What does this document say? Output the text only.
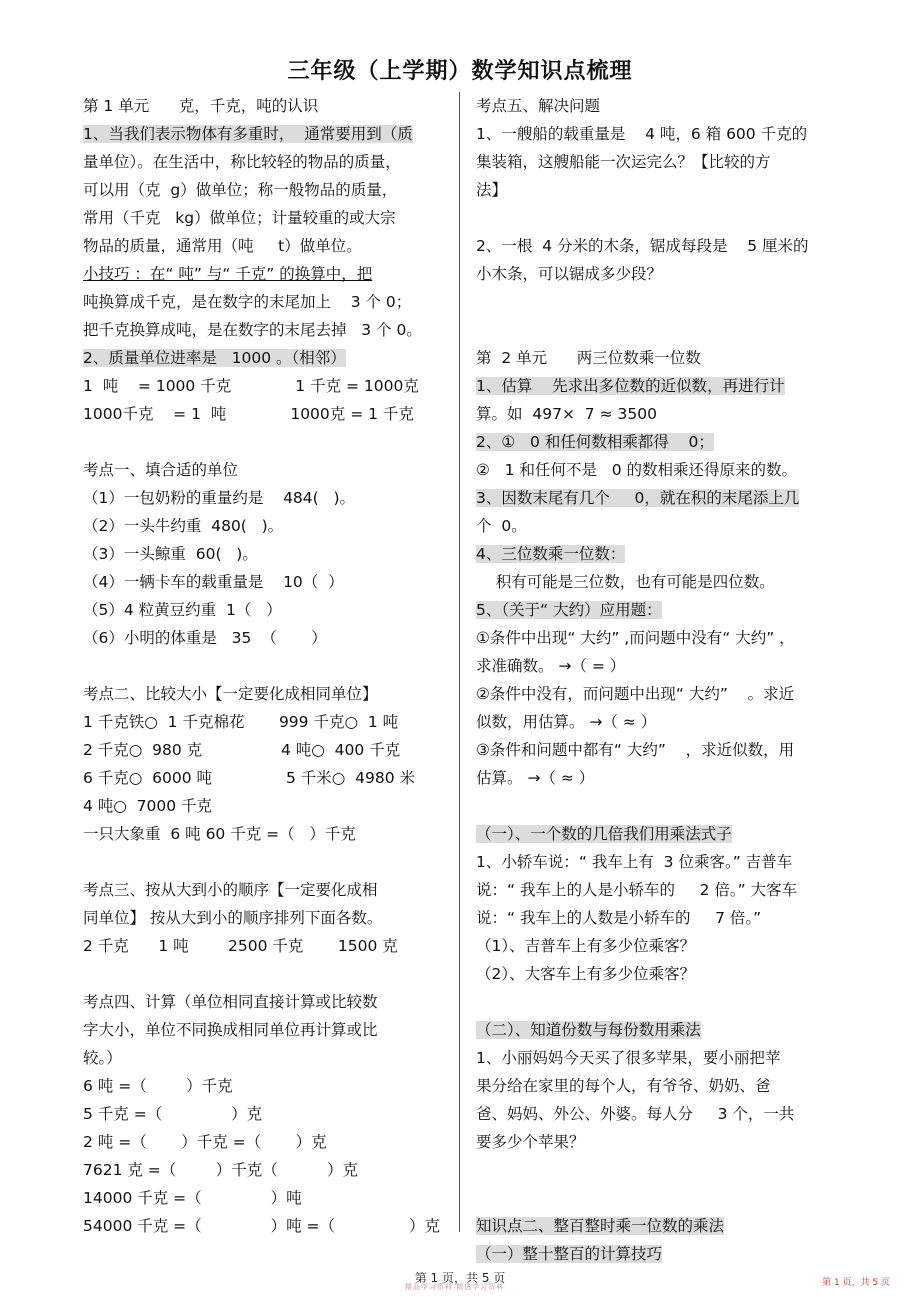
三年级（上学期）数学知识点梳理
第 1 单元      克，千克，吨的认识
1、当我们表示物体有多重时，  通常要用到（质
量单位）。在生活中，称比较轻的物品的质量，
可以用（克  g）做单位；称一般物品的质量，
常用（千克   kg）做单位；计量较重的或大宗
物品的质量，通常用（吨     t）做单位。
小技巧 ：在“ 吨” 与“ 千克” 的换算中，把
吨换算成千克，是在数字的末尾加上    3 个 0；
把千克换算成吨，是在数字的末尾去掉   3 个 0。
2、质量单位进率是   1000 。（相邻）
1  吨    = 1000 千克             1 千克 = 1000克
1000千克    = 1  吨             1000克 = 1 千克
考点一、填合适的单位
（1）一包奶粉的重量约是    484(   )。
（2）一头牛约重  480(   )。
（3）一头鲸重  60(   )。
（4）一辆卡车的载重量是    10（  ）
（5）4 粒黄豆约重  1（   ）
（6）小明的体重是   35  （       ）
考点二、比较大小【一定要化成相同单位】
1 千克铁○  1 千克棉花       999 千克○  1 吨
2 千克○  980 克                4 吨○  400 千克
6 千克○  6000 吨               5 千米○  4980 米
4 吨○  7000 千克
一只大象重  6 吨 60 千克 =（   ）千克
考点三、按从大到小的顺序【一定要化成相
同单位】 按从大到小的顺序排列下面各数。
2 千克      1 吨        2500 千克       1500 克
考点四、计算（单位相同直接计算或比较数
字大小，单位不同换成相同单位再计算或比
较。）
6 吨 =（        ）千克
5 千克 =（              ）克
2 吨 =（       ）千克 =（       ）克
7621 克 =（        ）千克（          ）克
14000 千克 =（              ）吨
54000 千克 =（              ）吨 =（               ）克
考点五、解决问题
1、一艘船的载重量是    4 吨，6 箱 600 千克的
集装箱，这艘船能一次运完么？【比较的方
法】
2、一根  4 分米的木条，锯成每段是    5 厘米的
小木条，可以锯成多少段？
第  2 单元      两三位数乘一位数
1、估算    先求出多位数的近似数，再进行计
算。如  497×  7 ≈ 3500
2、①   0 和任何数相乘都得    0；
②   1 和任何不是   0 的数相乘还得原来的数。
3、因数末尾有几个     0，就在积的末尾添上几
个  0。
4、三位数乘一位数：
积有可能是三位数，也有可能是四位数。
5、（关于“ 大约）应用题：
①条件中出现“ 大约” ,而问题中没有“ 大约” ，
求准确数。 →（ = ）
②条件中没有，而问题中出现“ 大约”    。求近
似数，用估算。 →（ ≈ ）
③条件和问题中都有“ 大约”    ，求近似数，用
估算。 →（ ≈ ）
（一）、一个数的几倍我们用乘法式子
1、小轿车说：“ 我车上有  3 位乘客。” 吉普车
说：“ 我车上的人是小轿车的     2 倍。” 大客车
说：“ 我车上的人数是小轿车的     7 倍。”
（1）、吉普车上有多少位乘客？
（2）、大客车上有多少位乘客？
（二）、知道份数与每份数用乘法
1、小丽妈妈今天买了很多苹果，要小丽把苹
果分给在家里的每个人，有爷爷、奶奶、爸
爸、妈妈、外公、外婆。每人分     3 个，一共
要多少个苹果？
知识点二、整百整时乘一位数的乘法
（一）整十整百的计算技巧
第 1 页，共 5 页	第 1 页，共 5 页
精品学习资料 精选学习资料
